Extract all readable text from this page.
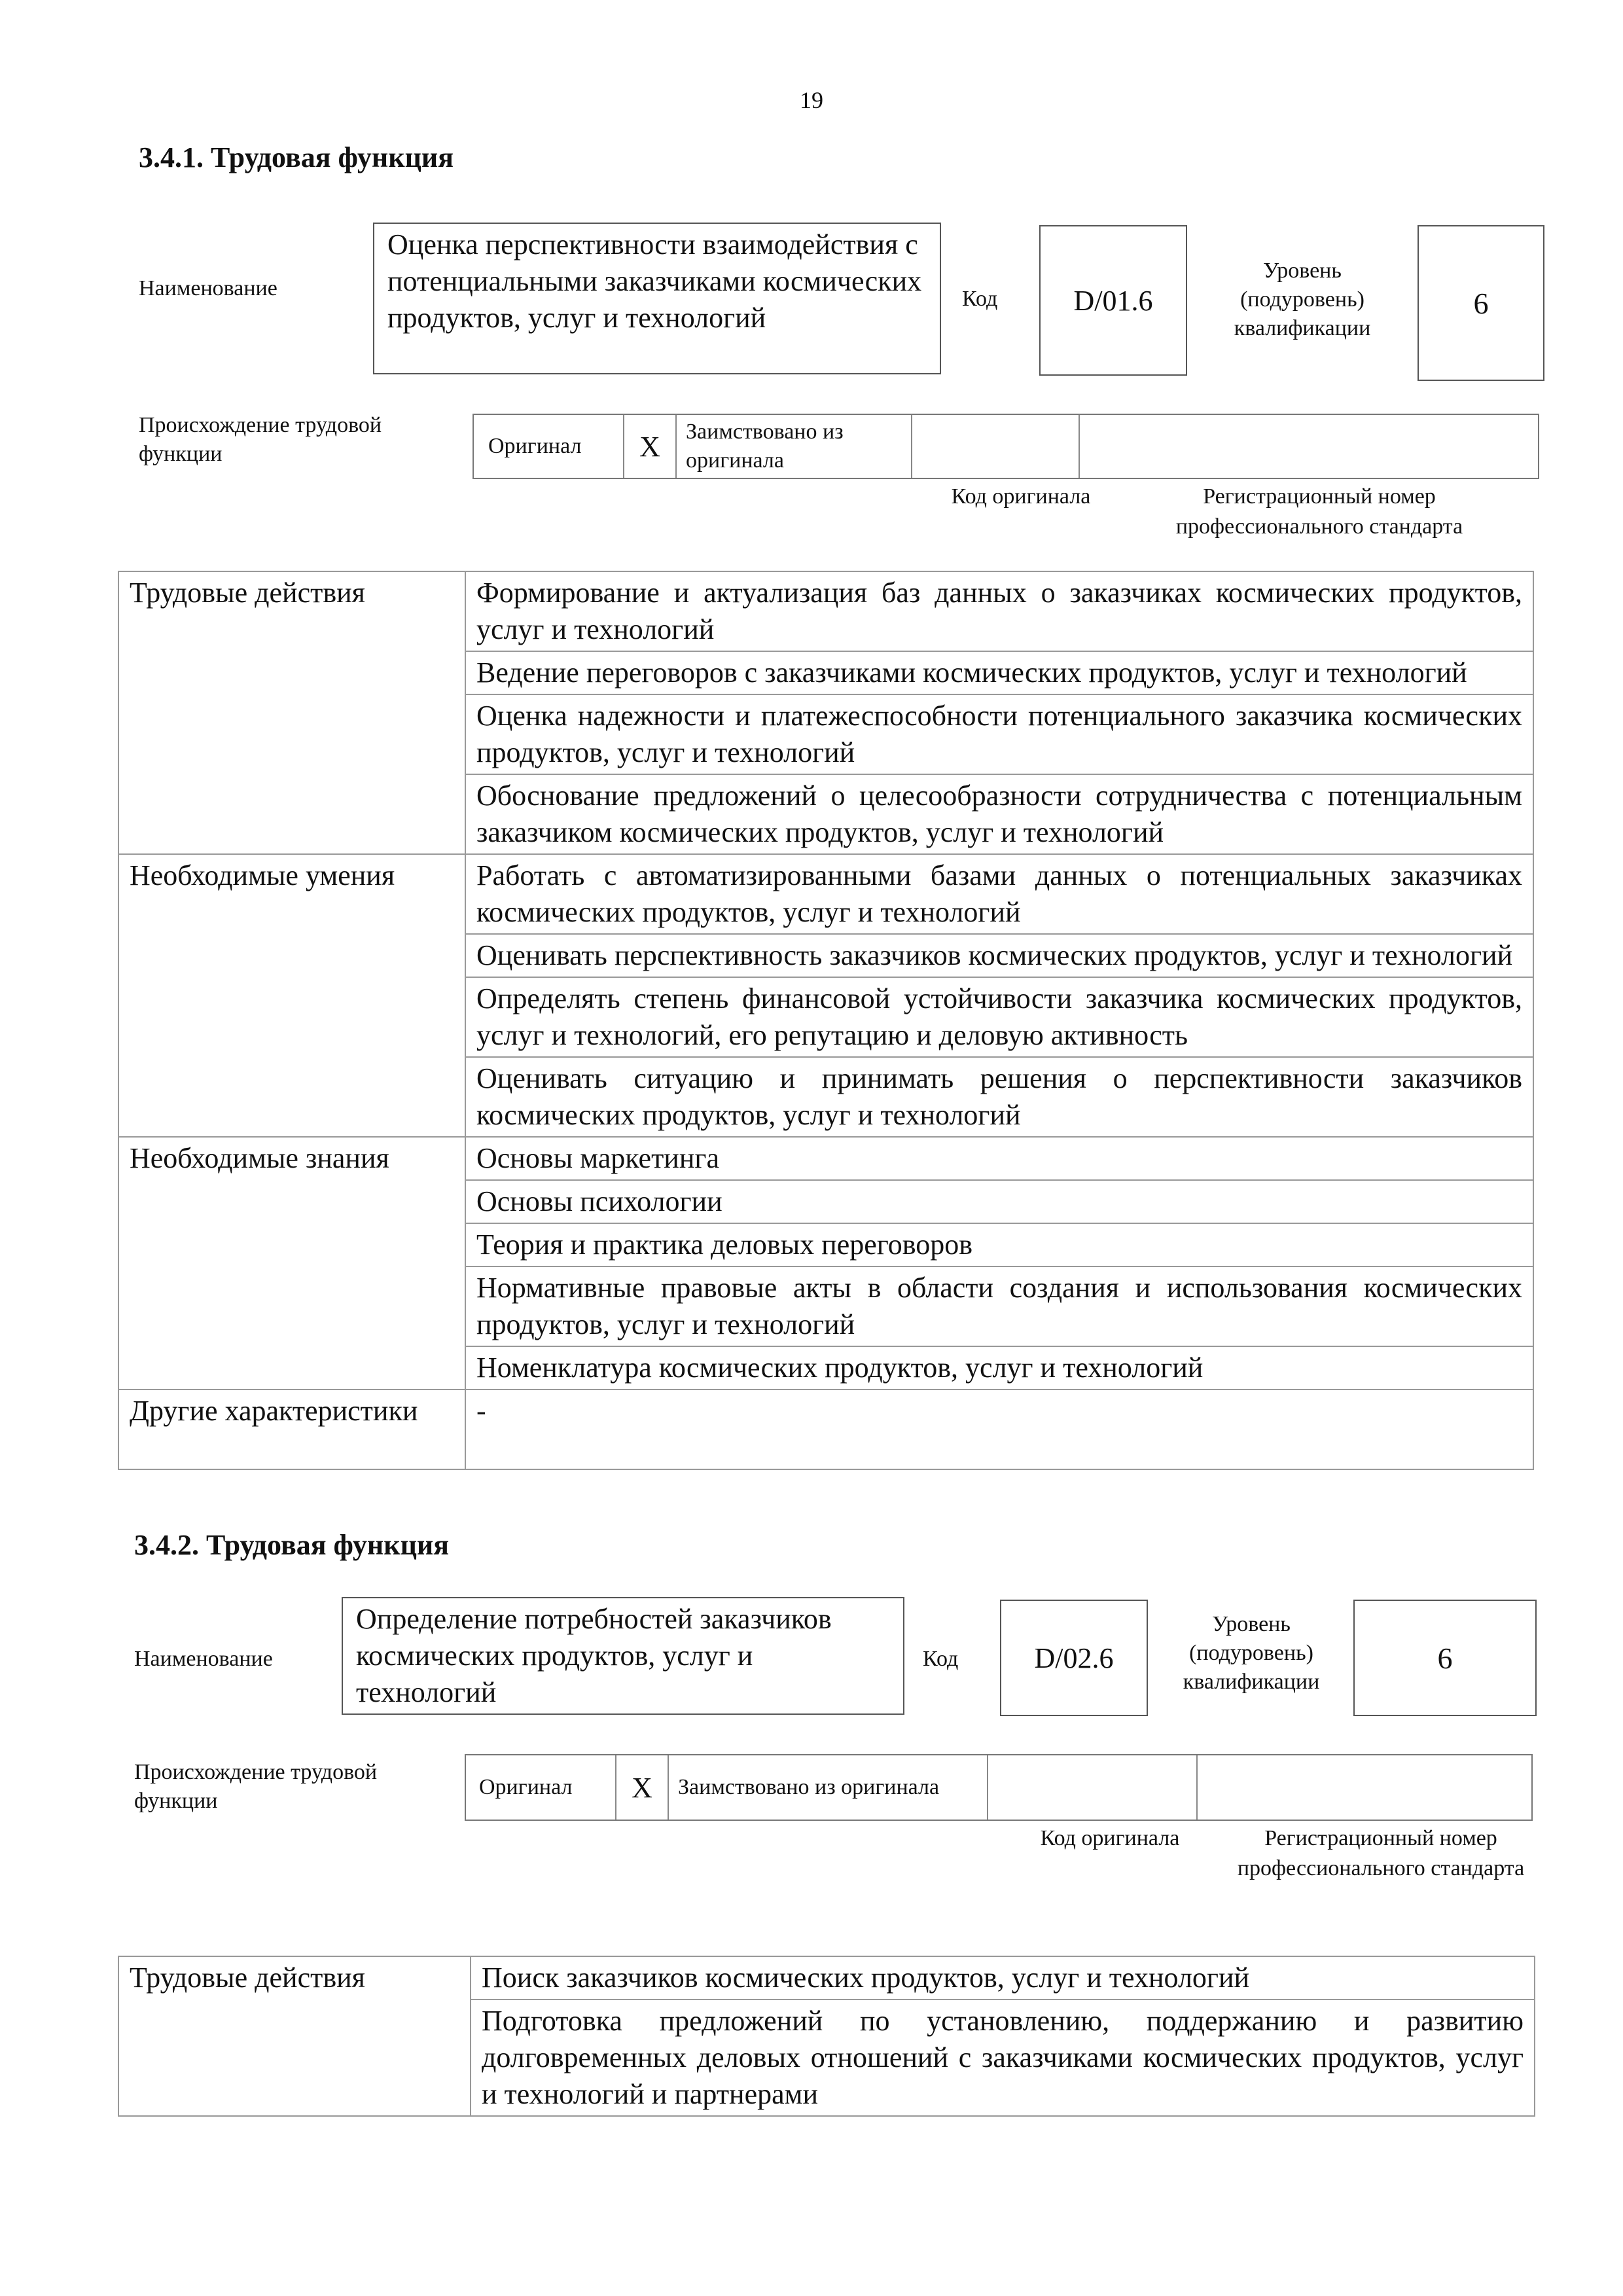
19
3.4.1. Трудовая функция
Наименование
Оценка перспективности взаимодействия с потенциальными заказчиками космических продуктов, услуг и технологий
Код	D/01.6
Уровень (подуровень) квалификации
6
Происхождение трудовой функции	Оригинал	X	Заимствовано из оригинала
Код оригинала	Регистрационный номер профессионального стандарта
Трудовые действия	Формирование и актуализация баз данных о заказчиках космических продуктов, услуг и технологий
	Ведение переговоров с заказчиками космических продуктов, услуг и технологий
	Оценка надежности и платежеспособности потенциального заказчика космических продуктов, услуг и технологий
	Обоснование предложений о целесообразности сотрудничества с потенциальным заказчиком космических продуктов, услуг и технологий
Необходимые умения	Работать с автоматизированными базами данных о потенциальных заказчиках космических продуктов, услуг и технологий
	Оценивать перспективность заказчиков космических продуктов, услуг и технологий
	Определять степень финансовой устойчивости заказчика космических продуктов, услуг и технологий, его репутацию и деловую активность
	Оценивать ситуацию и принимать решения о перспективности заказчиков космических продуктов, услуг и технологий
Необходимые знания	Основы маркетинга
	Основы психологии
	Теория и практика деловых переговоров
	Нормативные правовые акты в области создания и использования космических продуктов, услуг и технологий
	Номенклатура космических продуктов, услуг и технологий
Другие характеристики	-
3.4.2. Трудовая функция
Наименование
Определение потребностей заказчиков космических продуктов, услуг и технологий
Код	D/02.6
Уровень (подуровень) квалификации
6
Происхождение трудовой функции
Оригинал	X	Заимствовано из оригинала
Код оригинала	Регистрационный номер профессионального стандарта
Трудовые действия	Поиск заказчиков космических продуктов, услуг и технологий
Подготовка предложений по установлению, поддержанию и развитию долговременных деловых отношений с заказчиками космических продуктов, услуг и технологий и партнерами
